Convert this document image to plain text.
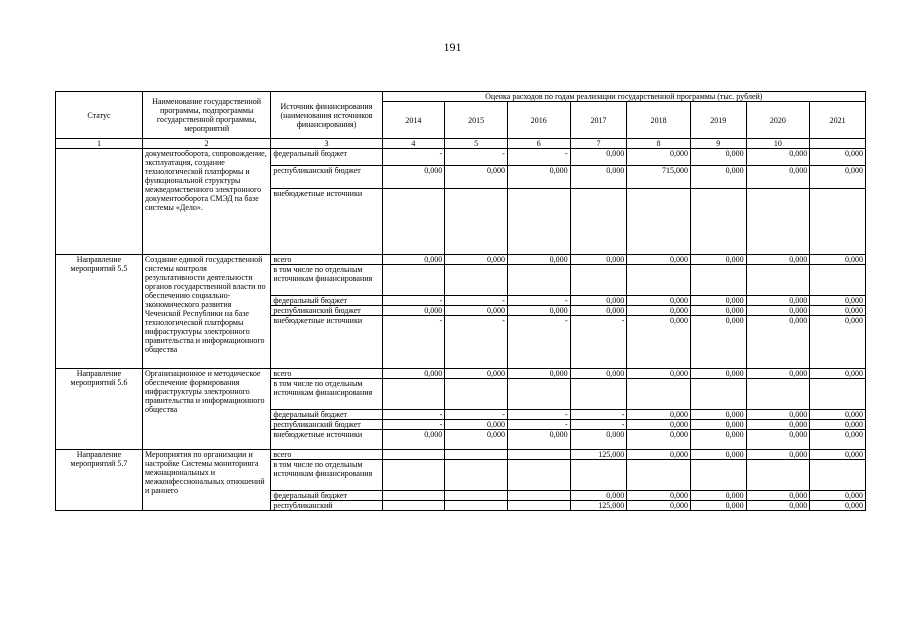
191
Статус	Наименование государственной программы, подпрограммы государственной программы, мероприятий	Источник финансирования (наименования источников финансирования)	Оценка расходов по годам реализации государственной программы (тыс. рублей)							
			2014	2015	2016	2017	2018	2019	2020	2021
1	2	3	4	5	6	7	8	9	10	
	документооборота, сопровождение, эксплуатация, создание технологической платформы и функциональной структуры межведомственного электронного документооборота СМЭД па базе системы «Дело».	федеральный бюджет	-	-	-	0,000	0,000	0,000	0,000	0,000
		республиканский бюджет	0,000	0,000	0,000	0,000	715,000	0,000	0,000	0,000
		внебюджетные источники								
Направление мероприятий 5.5	Создание единой государственной системы контроля результативности деятельности органов государственной власти по обеспечению социально-экономического развития Чеченской Республики на базе технологической платформы инфраструктуры электронного правительства и информационного общества	всего	0,000	0,000	0,000	0,000	0,000	0,000	0,000	0,000
		в том числе по отдельным источникам финансирования								
		федеральный бюджет	-	-	-	0,000	0,000	0,000	0,000	0,000
		республиканский бюджет	0,000	0,000	0,000	0,000	0,000	0,000	0,000	0,000
		внебюджетные источники	-	-	-	-	0,000	0,000	0,000	0,000
Направление мероприятий 5.6	Организационное и методическое обеспечение формирования инфраструктуры электронного правительства и информационного общества	всего	0,000	0,000	0,000	0,000	0,000	0,000	0,000	0,000
		в том числе по отдельным источникам финансирования								
		федеральный бюджет	-	-	-	-	0,000	0,000	0,000	0,000
		республиканский бюджет	-	0,000	-	-	0,000	0,000	0,000	0,000
		внебюджетные источники	0,000	0,000	0,000	0,000	0,000	0,000	0,000	0,000
Направление мероприятий 5.7	Мероприятия по организации и настройке Системы мониторинга межнациональных и межконфессиональных отношений и раннего	всего				125,000	0,000	0,000	0,000	0,000
		в том числе по отдельным источникам финансирования								
		федеральный бюджет				0,000	0,000	0,000	0,000	0,000
		республиканский				125,000	0,000	0,000	0,000	0,000
